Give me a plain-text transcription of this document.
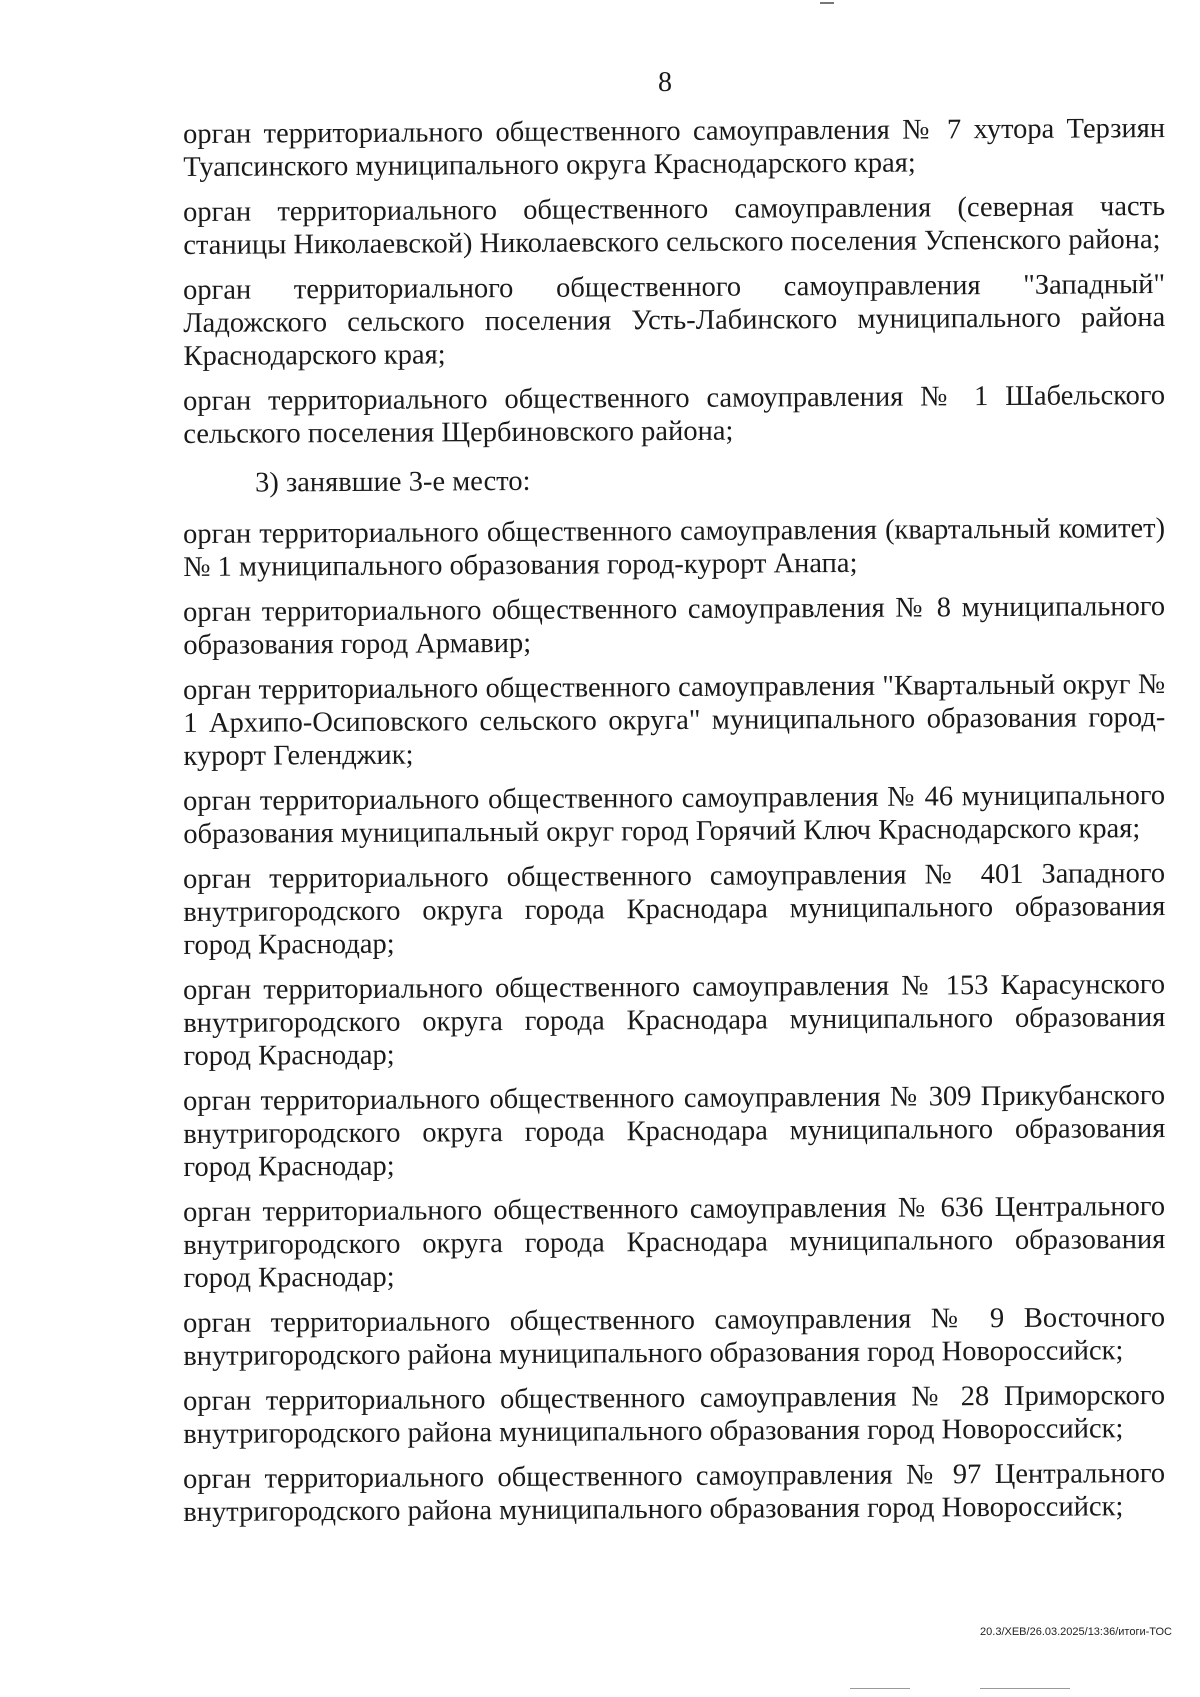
8

орган территориального общественного самоуправления № 7 хутора Терзиян Туапсинского муниципального округа Краснодарского края;

орган территориального общественного самоуправления (северная часть станицы Николаевской) Николаевского сельского поселения Успенского района;

орган территориального общественного самоуправления "Западный" Ладожского сельского поселения Усть-Лабинского муниципального района Краснодарского края;

орган территориального общественного самоуправления № 1 Шабельского сельского поселения Щербиновского района;

3) занявшие 3-е место:

орган территориального общественного самоуправления (квартальный комитет) № 1 муниципального образования город-курорт Анапа;

орган территориального общественного самоуправления № 8 муниципального образования город Армавир;

орган территориального общественного самоуправления "Квартальный округ № 1 Архипо-Осиповского сельского округа" муниципального образования город-курорт Геленджик;

орган территориального общественного самоуправления № 46 муниципального образования муниципальный округ город Горячий Ключ Краснодарского края;

орган территориального общественного самоуправления № 401 Западного внутригородского округа города Краснодара муниципального образования город Краснодар;

орган территориального общественного самоуправления № 153 Карасунского внутригородского округа города Краснодара муниципального образования город Краснодар;

орган территориального общественного самоуправления № 309 Прикубанского внутригородского округа города Краснодара муниципального образования город Краснодар;

орган территориального общественного самоуправления № 636 Центрального внутригородского округа города Краснодара муниципального образования город Краснодар;

орган территориального общественного самоуправления № 9 Восточного внутригородского района муниципального образования город Новороссийск;

орган территориального общественного самоуправления № 28 Приморского внутригородского района муниципального образования город Новороссийск;

орган территориального общественного самоуправления № 97 Центрального внутригородского района муниципального образования город Новороссийск;

20.3/ХЕВ/26.03.2025/13:36/итоги-ТОС
